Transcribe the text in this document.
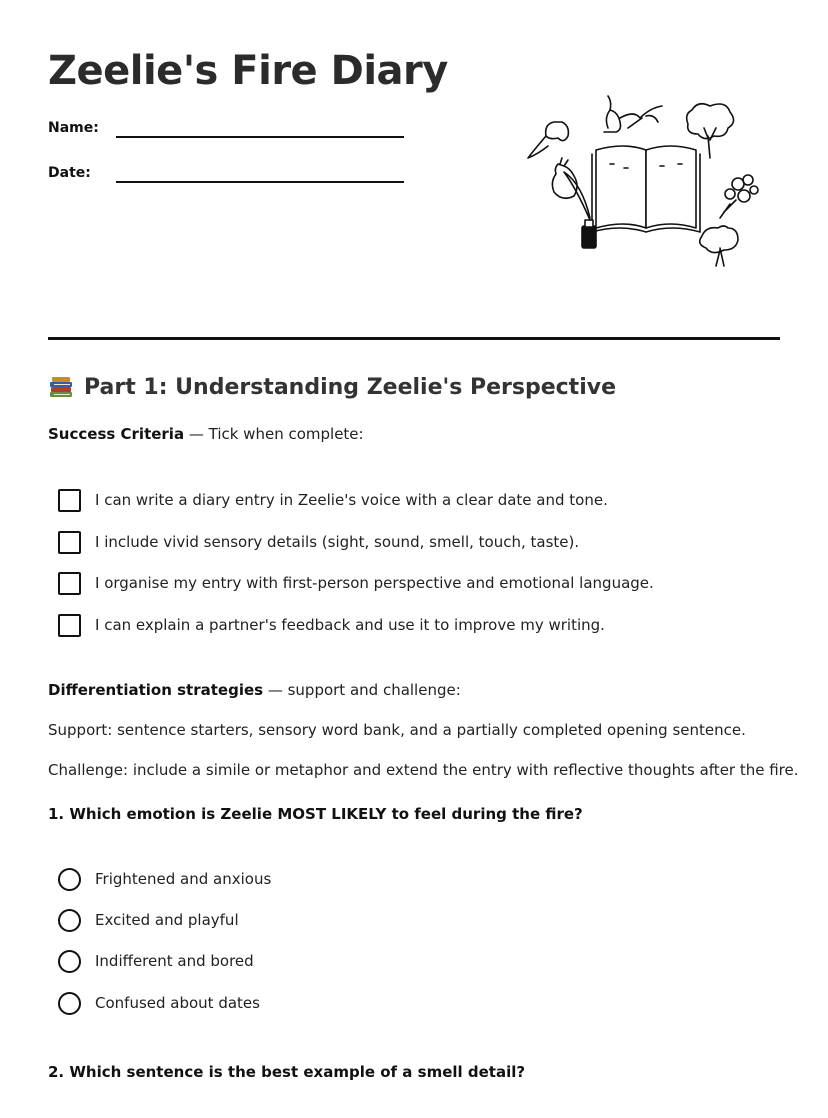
Zeelie's Fire Diary
Name:
Date:
Part 1: Understanding Zeelie's Perspective
Success Criteria — Tick when complete:
I can write a diary entry in Zeelie's voice with a clear date and tone.
I include vivid sensory details (sight, sound, smell, touch, taste).
I organise my entry with first-person perspective and emotional language.
I can explain a partner's feedback and use it to improve my writing.
Differentiation strategies — support and challenge:
Support: sentence starters, sensory word bank, and a partially completed opening sentence.
Challenge: include a simile or metaphor and extend the entry with reflective thoughts after the fire.
1. Which emotion is Zeelie MOST LIKELY to feel during the fire?
Frightened and anxious
Excited and playful
Indifferent and bored
Confused about dates
2. Which sentence is the best example of a smell detail?
